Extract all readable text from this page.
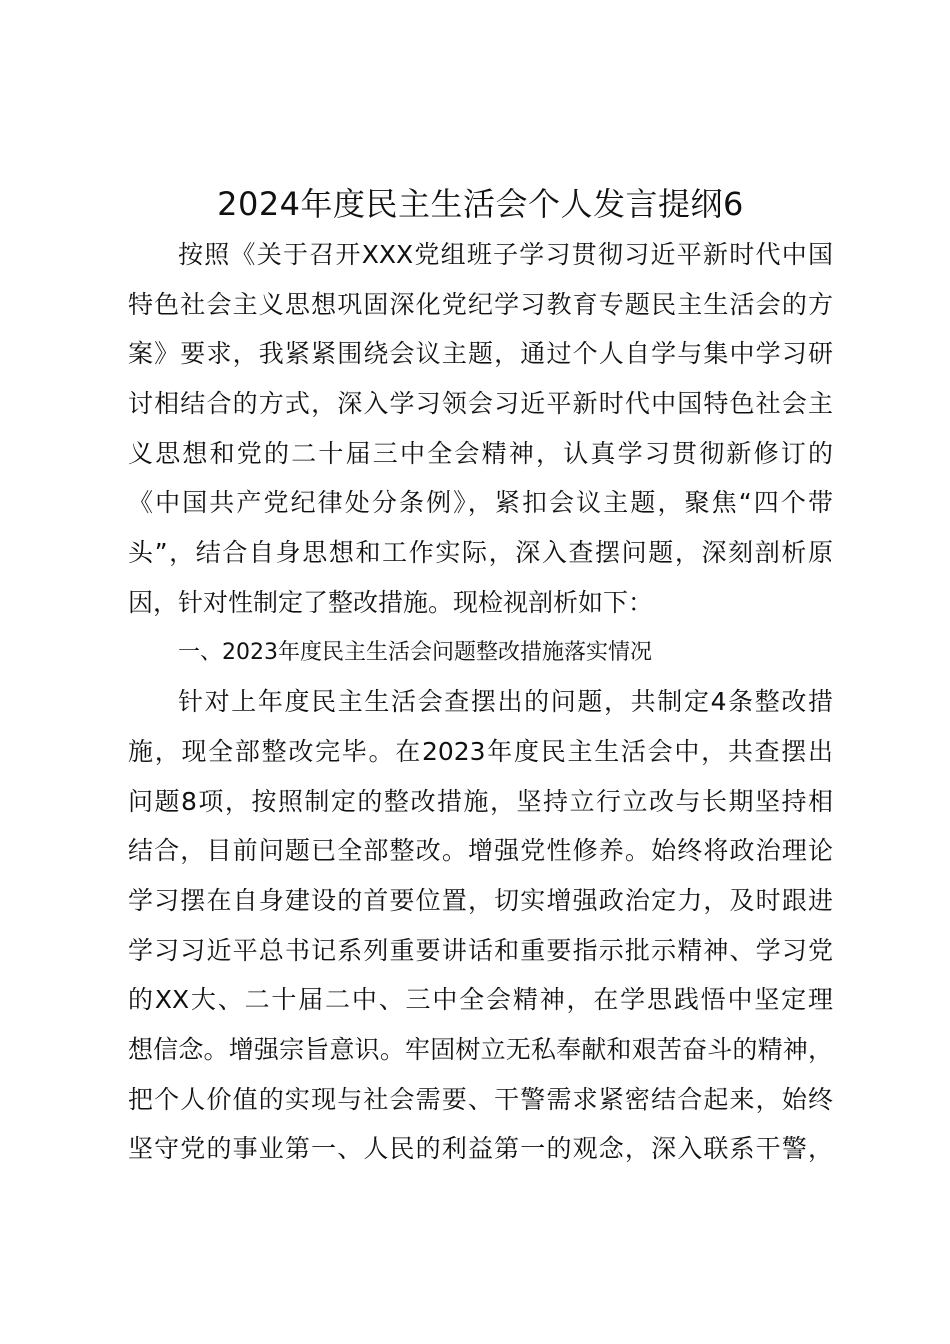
2024年度民主生活会个人发言提纲6
按照《关于召开XXX党组班子学习贯彻习近平新时代中国
特色社会主义思想巩固深化党纪学习教育专题民主生活会的方
案》要求，我紧紧围绕会议主题，通过个人自学与集中学习研
讨相结合的方式，深入学习领会习近平新时代中国特色社会主
义思想和党的二十届三中全会精神，认真学习贯彻新修订的
《中国共产党纪律处分条例》，紧扣会议主题，聚焦“四个带
头”，结合自身思想和工作实际，深入查摆问题，深刻剖析原
因，针对性制定了整改措施。现检视剖析如下：
一、2023年度民主生活会问题整改措施落实情况
针对上年度民主生活会查摆出的问题，共制定4条整改措
施，现全部整改完毕。在2023年度民主生活会中，共查摆出
问题8项，按照制定的整改措施，坚持立行立改与长期坚持相
结合，目前问题已全部整改。增强党性修养。始终将政治理论
学习摆在自身建设的首要位置，切实增强政治定力，及时跟进
学习习近平总书记系列重要讲话和重要指示批示精神、学习党
的XX大、二十届二中、三中全会精神，在学思践悟中坚定理
想信念。增强宗旨意识。牢固树立无私奉献和艰苦奋斗的精神，
把个人价值的实现与社会需要、干警需求紧密结合起来，始终
坚守党的事业第一、人民的利益第一的观念，深入联系干警，
